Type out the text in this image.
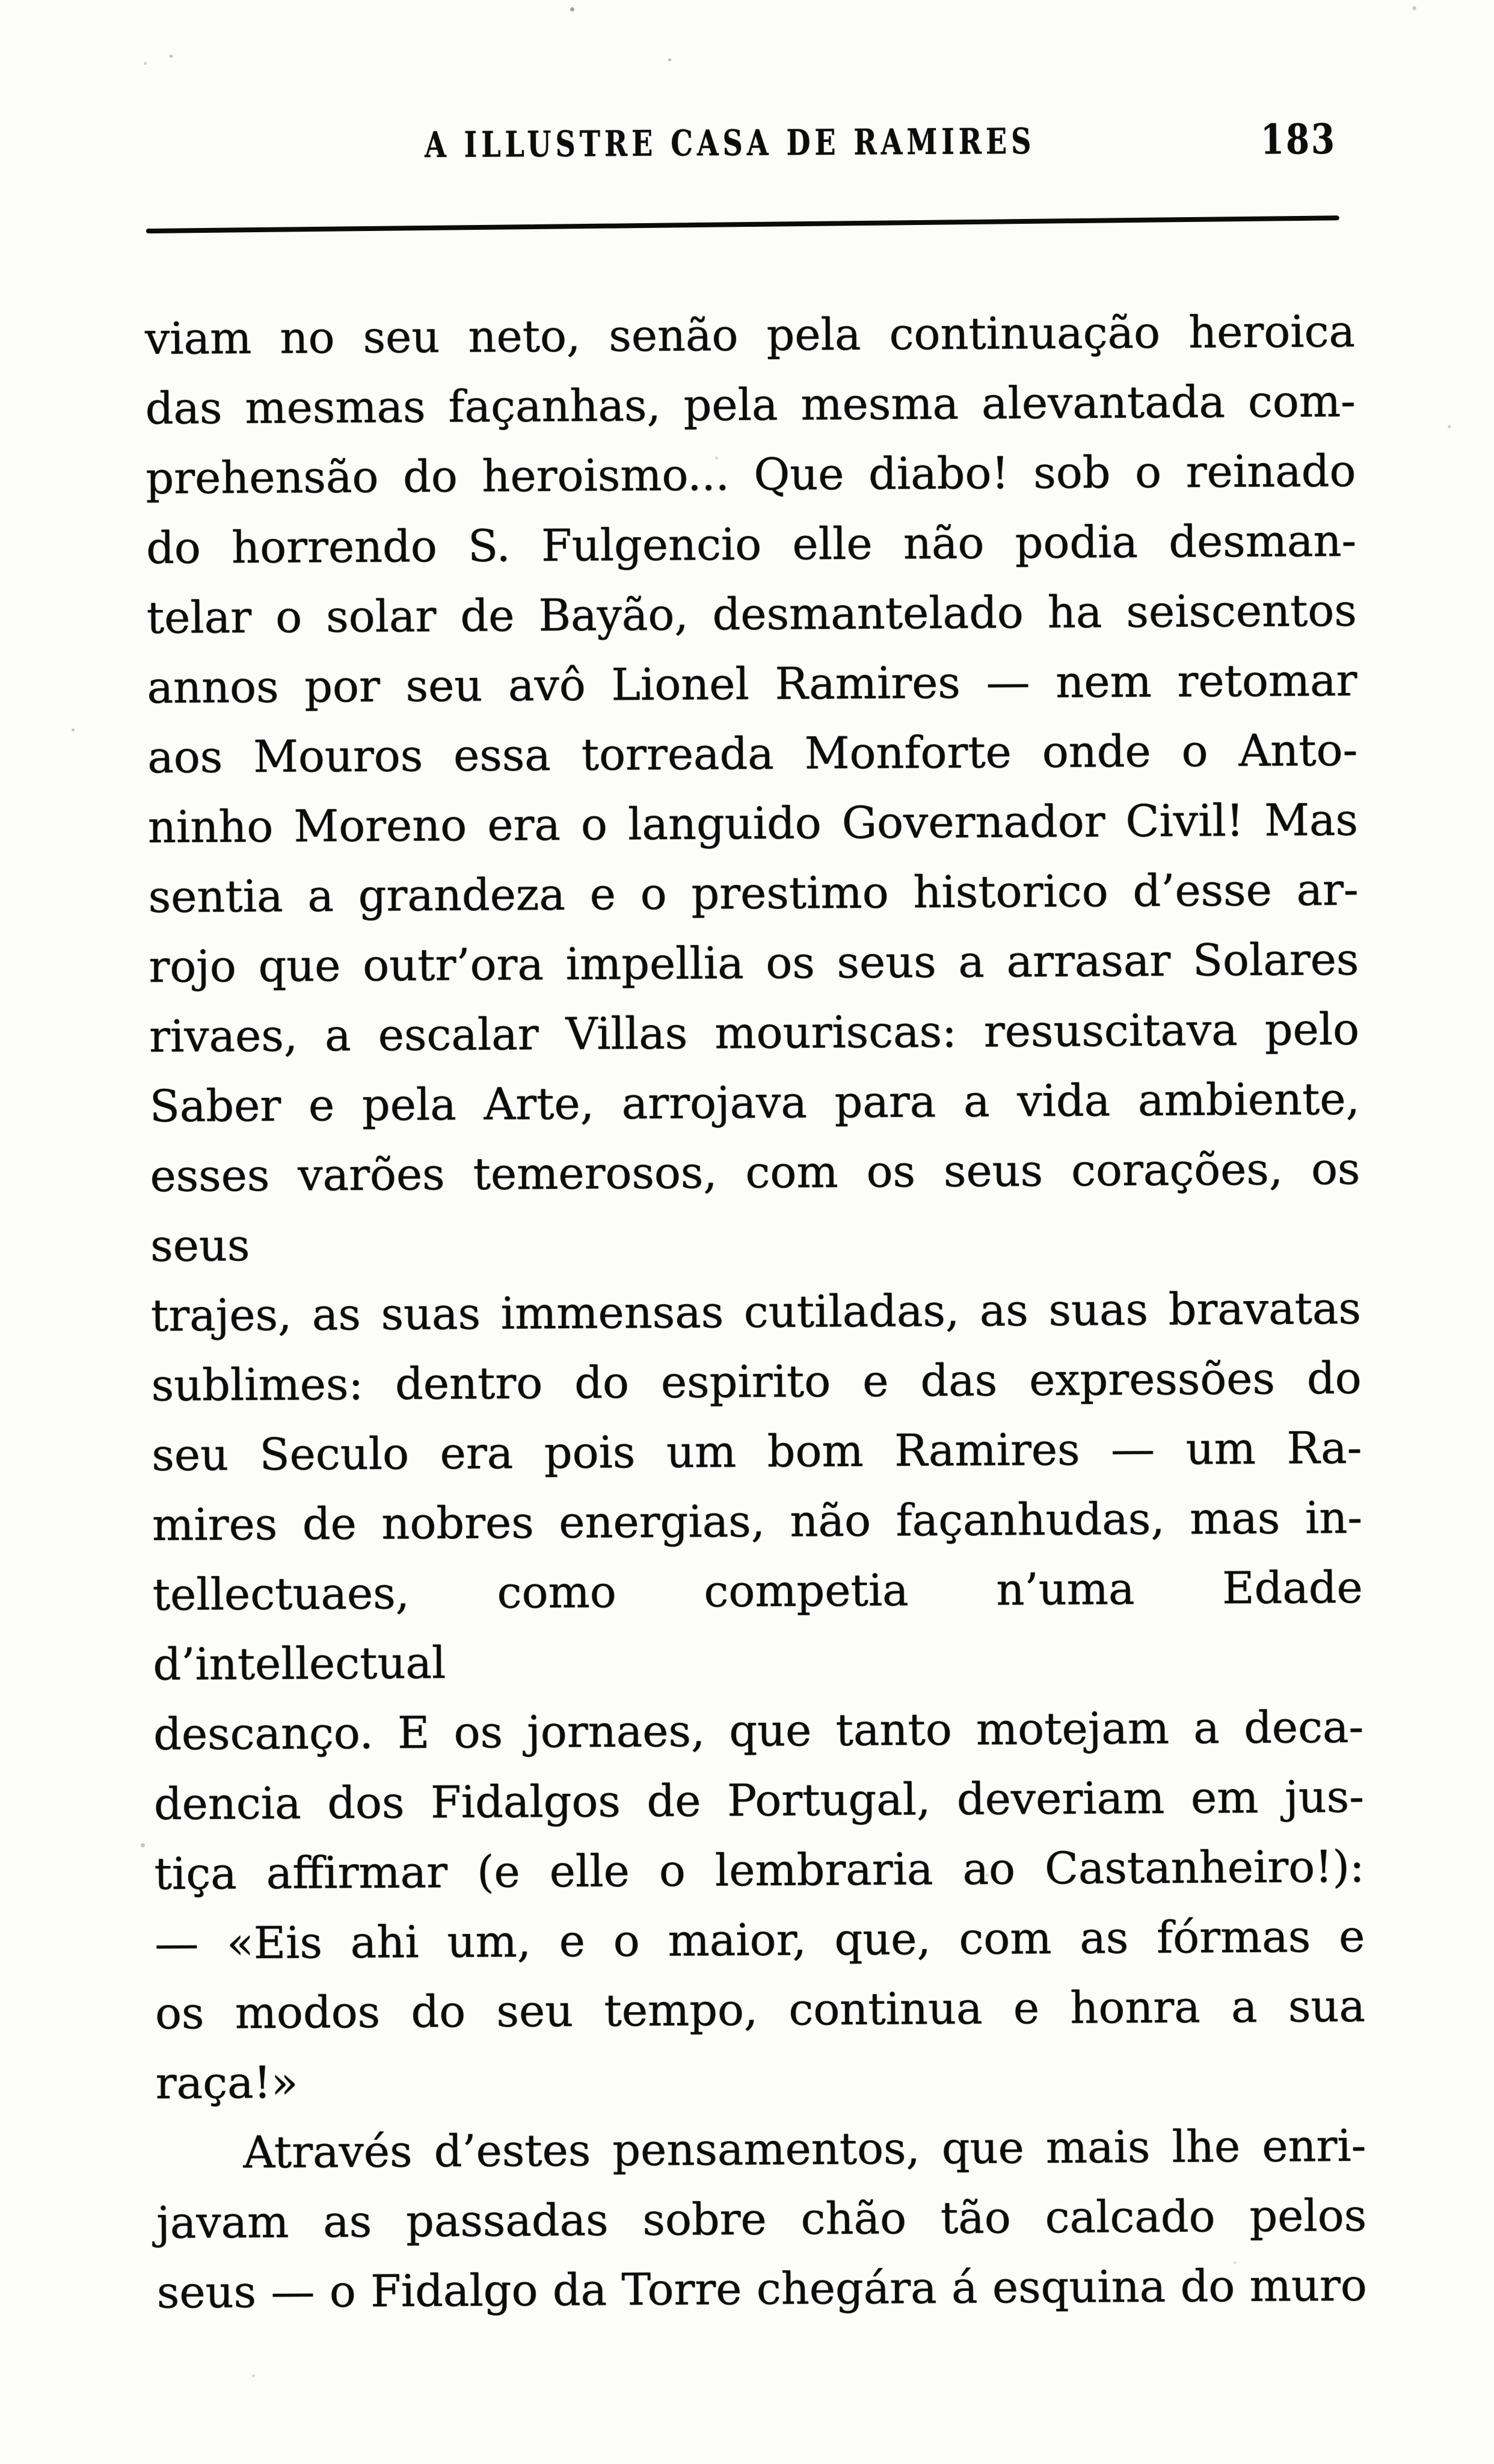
A ILLUSTRE CASA DE RAMIRES	183
viam no seu neto, senão pela continuação heroica
das mesmas façanhas, pela mesma alevantada com-
prehensão do heroismo... Que diabo! sob o reinado
do horrendo S. Fulgencio elle não podia desman-
telar o solar de Bayão, desmantelado ha seiscentos
annos por seu avô Lionel Ramires — nem retomar
aos Mouros essa torreada Monforte onde o Anto-
ninho Moreno era o languido Governador Civil! Mas
sentia a grandeza e o prestimo historico d’esse ar-
rojo que outr’ora impellia os seus a arrasar Solares
rivaes, a escalar Villas mouriscas: resuscitava pelo
Saber e pela Arte, arrojava para a vida ambiente,
esses varões temerosos, com os seus corações, os seus
trajes, as suas immensas cutiladas, as suas bravatas
sublimes: dentro do espirito e das expressões do
seu Seculo era pois um bom Ramires — um Ra-
mires de nobres energias, não façanhudas, mas in-
tellectuaes, como competia n’uma Edade d’intellectual
descanço. E os jornaes, que tanto motejam a deca-
dencia dos Fidalgos de Portugal, deveriam em jus-
tiça affirmar (e elle o lembraria ao Castanheiro!):
— «Eis ahi um, e o maior, que, com as fórmas e
os modos do seu tempo, continua e honra a sua
raça!»
Através d’estes pensamentos, que mais lhe enri-
javam as passadas sobre chão tão calcado pelos
seus — o Fidalgo da Torre chegára á esquina do muro
